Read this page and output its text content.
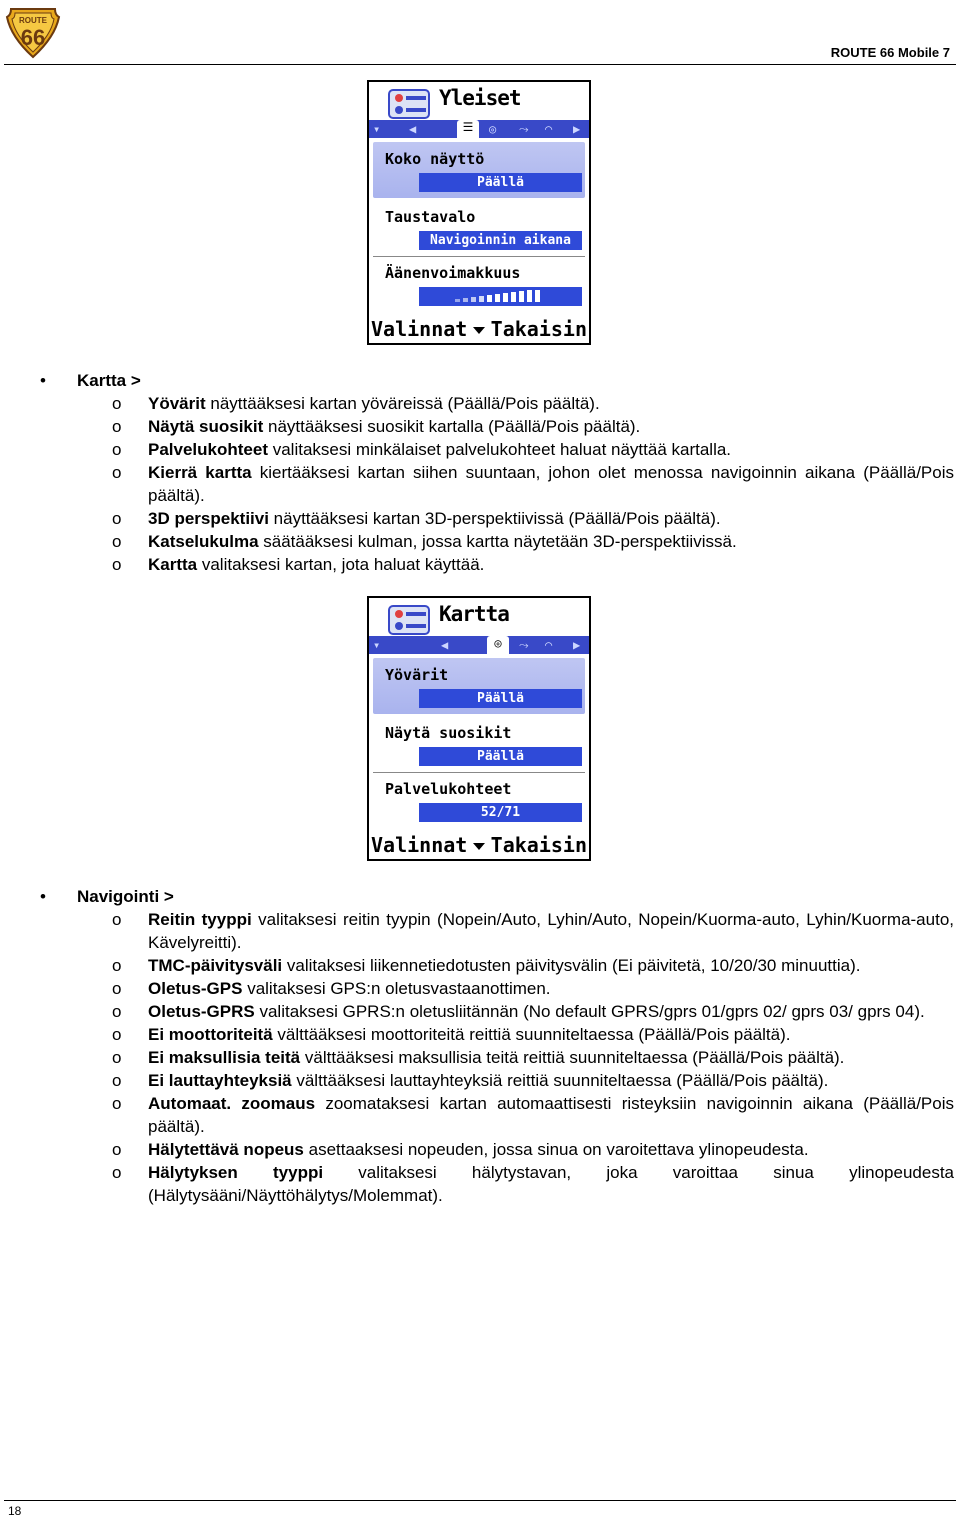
ROUTE
66
ROUTE 66 Mobile 7
Yleiset
▾ ◀	☰	◎ ⤳ ◠ ▶
Koko näyttö
Päällä
Taustavalo
Navigoinnin aikana
Äänenvoimakkuus
Valinnat Takaisin
• Kartta >
o Yövärit näyttääksesi kartan yöväreissä (Päällä/Pois päältä).
o Näytä suosikit näyttääksesi suosikit kartalla (Päällä/Pois päältä).
o Palvelukohteet valitaksesi minkälaiset palvelukohteet haluat näyttää kartalla.
o Kierrä kartta kiertääksesi kartan siihen suuntaan, johon olet menossa navigoinnin aikana (Päällä/Pois päältä).
o 3D perspektiivi näyttääksesi kartan 3D-perspektiivissä (Päällä/Pois päältä).
o Katselukulma säätääksesi kulman, jossa kartta näytetään 3D-perspektiivissä.
o Kartta valitaksesi kartan, jota haluat käyttää.
Kartta
▾	◀	◎	⤳ ◠ ▶
Yövärit
Päällä
Näytä suosikit
Päällä
Palvelukohteet
52/71
Valinnat Takaisin
• Navigointi >
o Reitin tyyppi valitaksesi reitin tyypin (Nopein/Auto, Lyhin/Auto, Nopein/Kuorma-auto, Lyhin/Kuorma-auto, Kävelyreitti).
o TMC-päivitysväli valitaksesi liikennetiedotusten päivitysvälin (Ei päivitetä, 10/20/30 minuuttia).
o Oletus-GPS valitaksesi GPS:n oletusvastaanottimen.
o Oletus-GPRS valitaksesi GPRS:n oletusliitännän (No default GPRS/gprs 01/gprs 02/ gprs 03/ gprs 04).
o Ei moottoriteitä välttääksesi moottoriteitä reittiä suunniteltaessa (Päällä/Pois päältä).
o Ei maksullisia teitä välttääksesi maksullisia teitä reittiä suunniteltaessa (Päällä/Pois päältä).
o Ei lauttayhteyksiä välttääksesi lauttayhteyksiä reittiä suunniteltaessa (Päällä/Pois päältä).
o Automaat. zoomaus zoomataksesi kartan automaattisesti risteyksiin navigoinnin aikana (Päällä/Pois päältä).
o Hälytettävä nopeus asettaaksesi nopeuden, jossa sinua on varoitettava ylinopeudesta.
o Hälytyksen tyyppi valitaksesi hälytystavan, joka varoittaa sinua ylinopeudesta (Hälytysääni/Näyttöhälytys/Molemmat).
18
